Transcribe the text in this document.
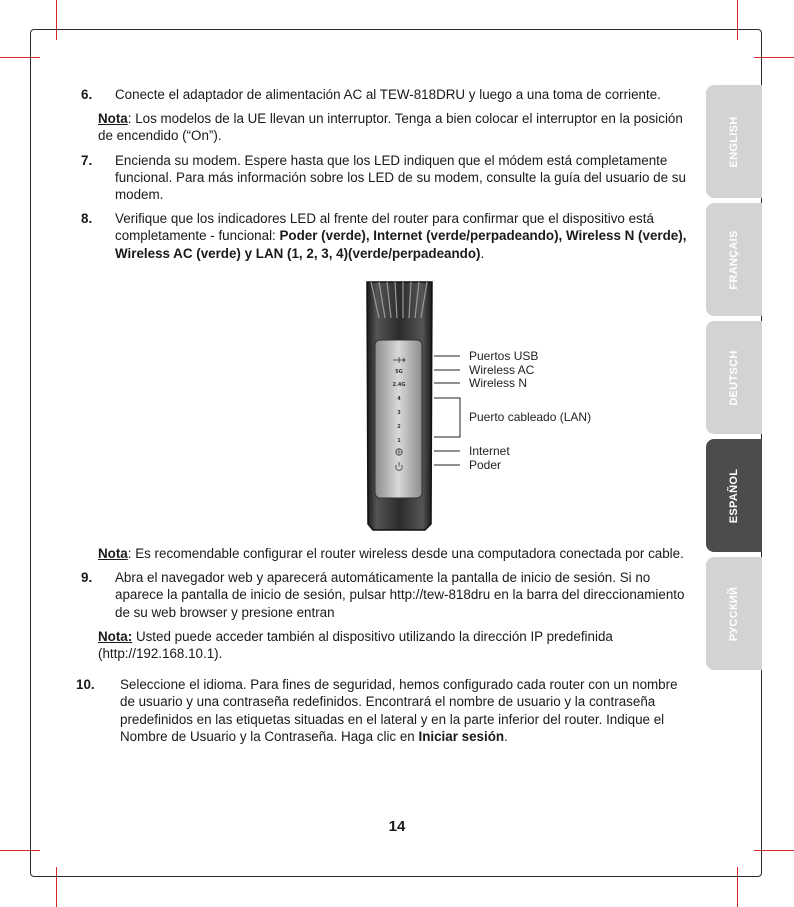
6. Conecte el adaptador de alimentación AC al TEW-818DRU y luego a una toma de corriente.

Nota: Los modelos de la UE llevan un interruptor. Tenga a bien colocar el interruptor en la posición de encendido (“On”).

7. Encienda su modem. Espere hasta que los LED indiquen que el módem está completamente funcional. Para más información sobre los LED de su modem, consulte la guía del usuario de su modem.

8. Verifique que los indicadores LED al frente del router para confirmar que el dispositivo está completamente - funcional: Poder (verde), Internet (verde/perpadeando), Wireless N (verde), Wireless AC (verde) y LAN (1, 2, 3, 4)(verde/perpadeando).

5G
2.4G
4
3
2
1
Puertos USB
Wireless AC
Wireless N
Puerto cableado (LAN)
Internet
Poder

Nota: Es recomendable configurar el router wireless desde una computadora conectada por cable.

9. Abra el navegador web y aparecerá automáticamente la pantalla de inicio de sesión. Si no aparece la pantalla de inicio de sesión, pulsar http://tew-818dru en la barra del direccionamiento de su web browser y presione entran

Nota: Usted puede acceder también al dispositivo utilizando la dirección IP predefinida (http://192.168.10.1).

10. Seleccione el idioma. Para fines de seguridad, hemos configurado cada router con un nombre de usuario y una contraseña redefinidos. Encontrará el nombre de usuario y la contraseña predefinidos en las etiquetas situadas en el lateral y en la parte inferior del router. Indique el Nombre de Usuario y la Contraseña. Haga clic en Iniciar sesión.

ENGLISH
FRANÇAIS
DEUTSCH
ESPAÑOL
РУССКИЙ
14
